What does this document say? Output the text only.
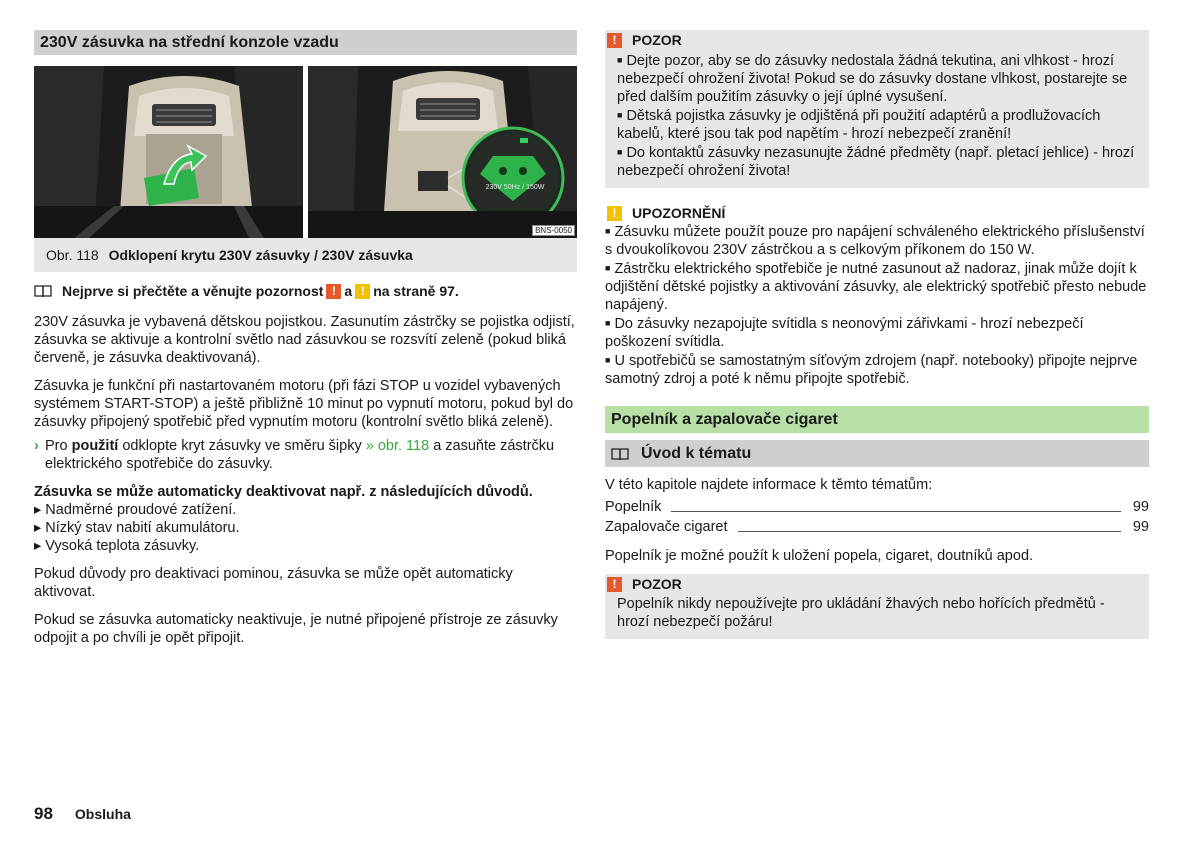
230V zásuvka na střední konzole vzadu
230V 50Hz / 150W
BNS-0050
Obr. 118 Odklopení krytu 230V zásuvky / 230V zásuvka
Nejprve si přečtěte a věnujte pozornost ! a ! na straně 97.

230V zásuvka je vybavená dětskou pojistkou. Zasunutím zástrčky se pojistka odjistí, zásuvka se aktivuje a kontrolní světlo nad zásuvkou se rozsvítí zeleně (pokud bliká červeně, je zásuvka deaktivovaná).

Zásuvka je funkční při nastartovaném motoru (při fázi STOP u vozidel vybavených systémem START-STOP) a ještě přibližně 10 minut po vypnutí motoru, pokud byl do zásuvky připojený spotřebič před vypnutím motoru (kontrolní světlo bliká zeleně).

› Pro použití odklopte kryt zásuvky ve směru šipky » obr. 118 a zasuňte zástrčku elektrického spotřebiče do zásuvky.

Zásuvka se může automaticky deaktivovat např. z následujících důvodů.

▸ Nadměrné proudové zatížení.
▸ Nízký stav nabití akumulátoru.
▸ Vysoká teplota zásuvky.

Pokud důvody pro deaktivaci pominou, zásuvka se může opět automaticky aktivovat.

Pokud se zásuvka automaticky neaktivuje, je nutné připojené přístroje ze zásuvky odpojit a po chvíli je opět připojit.

!	POZOR
■ Dejte pozor, aby se do zásuvky nedostala žádná tekutina, ani vlhkost - hrozí nebezpečí ohrožení života! Pokud se do zásuvky dostane vlhkost, postarejte se před dalším použitím zásuvky o její úplné vysušení.
■ Dětská pojistka zásuvky je odjištěná při použití adaptérů a prodlužovacích kabelů, které jsou tak pod napětím - hrozí nebezpečí zranění!
■ Do kontaktů zásuvky nezasunujte žádné předměty (např. pletací jehlice) - hrozí nebezpečí ohrožení života!
!	UPOZORNĚNÍ
■ Zásuvku můžete použít pouze pro napájení schváleného elektrického příslušenství s dvoukolíkovou 230V zástrčkou a s celkovým příkonem do 150 W.
■ Zástrčku elektrického spotřebiče je nutné zasunout až nadoraz, jinak může dojít k odjištění dětské pojistky a aktivování zásuvky, ale elektrický spotřebič přesto nebude napájený.
■ Do zásuvky nezapojujte svítidla s neonovými zářivkami - hrozí nebezpečí poškození svítidla.
■ U spotřebičů se samostatným síťovým zdrojem (např. notebooky) připojte nejprve samotný zdroj a poté k němu připojte spotřebič.
Popelník a zapalovače cigaret
Úvod k tématu

V této kapitole najdete informace k těmto tématům:

Popelník	99
Zapalovače cigaret	99

Popelník je možné použít k uložení popela, cigaret, doutníků apod.

!	POZOR
Popelník nikdy nepoužívejte pro ukládání žhavých nebo hořících předmětů - hrozí nebezpečí požáru!
98 Obsluha
